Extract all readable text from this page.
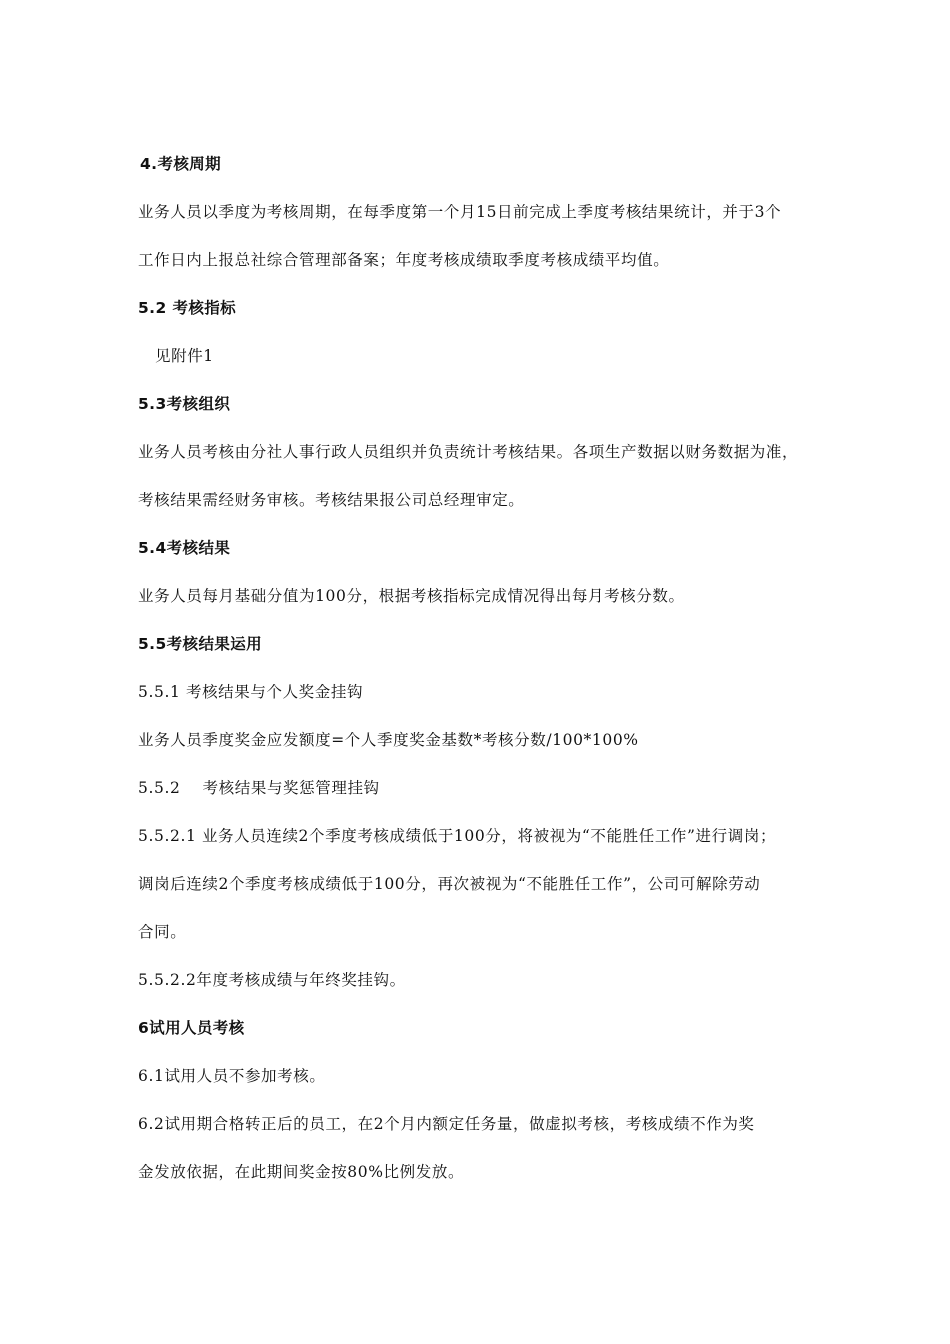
4.考核周期
业务人员以季度为考核周期，在每季度第一个月15日前完成上季度考核结果统计，并于3个
工作日内上报总社综合管理部备案；年度考核成绩取季度考核成绩平均值。
5.2 考核指标
见附件1
5.3考核组织
业务人员考核由分社人事行政人员组织并负责统计考核结果。各项生产数据以财务数据为准，
考核结果需经财务审核。考核结果报公司总经理审定。
5.4考核结果
业务人员每月基础分值为100分，根据考核指标完成情况得出每月考核分数。
5.5考核结果运用
5.5.1 考核结果与个人奖金挂钩
业务人员季度奖金应发额度=个人季度奖金基数*考核分数/100*100%
5.5.2    考核结果与奖惩管理挂钩
5.5.2.1 业务人员连续2个季度考核成绩低于100分，将被视为“不能胜任工作”进行调岗；
调岗后连续2个季度考核成绩低于100分，再次被视为“不能胜任工作”，公司可解除劳动
合同。
5.5.2.2年度考核成绩与年终奖挂钩。
6试用人员考核
6.1试用人员不参加考核。
6.2试用期合格转正后的员工，在2个月内额定任务量，做虚拟考核，考核成绩不作为奖
金发放依据，在此期间奖金按80%比例发放。
